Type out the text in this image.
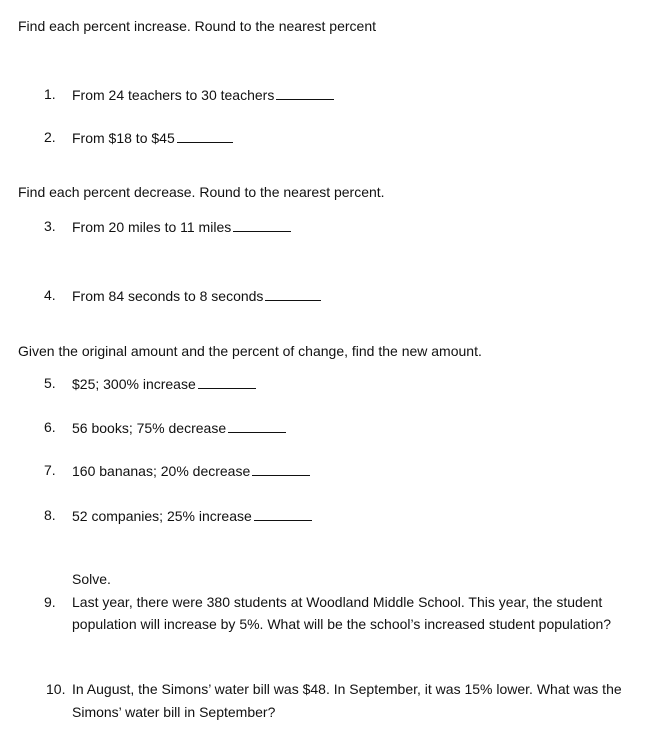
Find each percent increase. Round to the nearest percent
1.	From 24 teachers to 30 teachers
2.	From $18 to $45
Find each percent decrease. Round to the nearest percent.
3.	From 20 miles to 11 miles
4.	From 84 seconds to 8 seconds
Given the original amount and the percent of change, find the new amount.
5.	$25; 300% increase
6.	56 books; 75% decrease
7.	160 bananas; 20% decrease
8.	52 companies; 25% increase
Solve.
9.	Last year, there were 380 students at Woodland Middle School. This year, the student
population will increase by 5%. What will be the school’s increased student population?
10. In August, the Simons’ water bill was $48. In September, it was 15% lower. What was the
Simons’ water bill in September?
